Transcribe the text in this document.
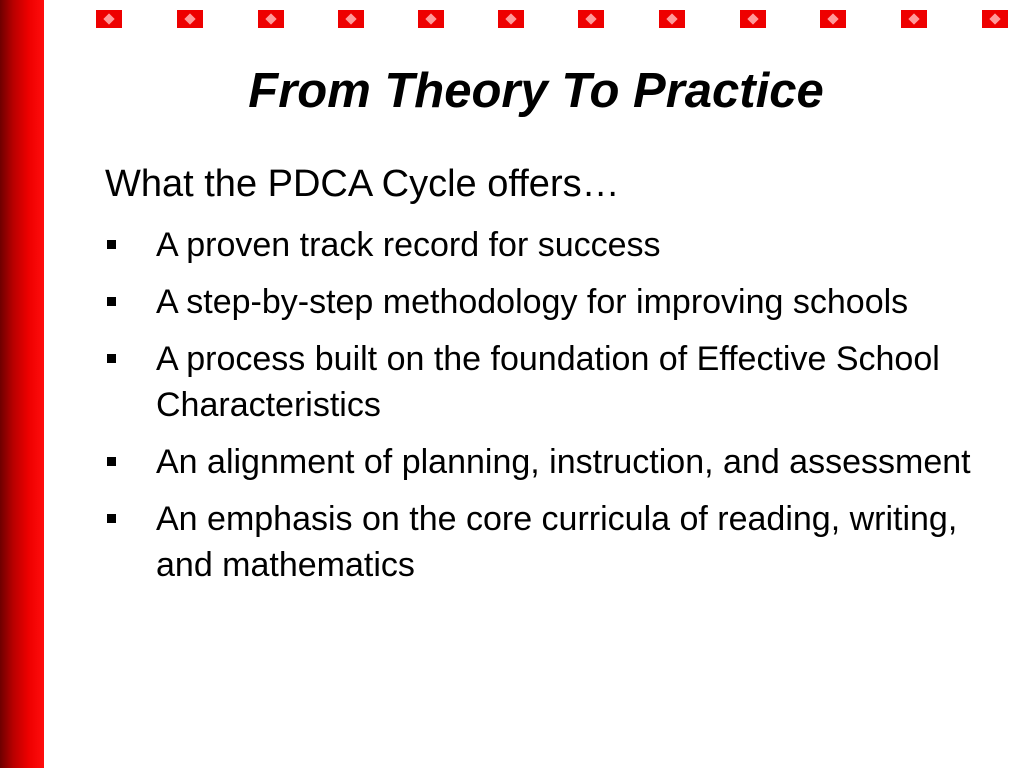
From Theory To Practice

What the PDCA Cycle offers…

A proven track record for success
A step-by-step methodology for improving schools
A process built on the foundation of Effective School Characteristics
An alignment of planning, instruction, and assessment
An emphasis on the core curricula of reading, writing, and mathematics
